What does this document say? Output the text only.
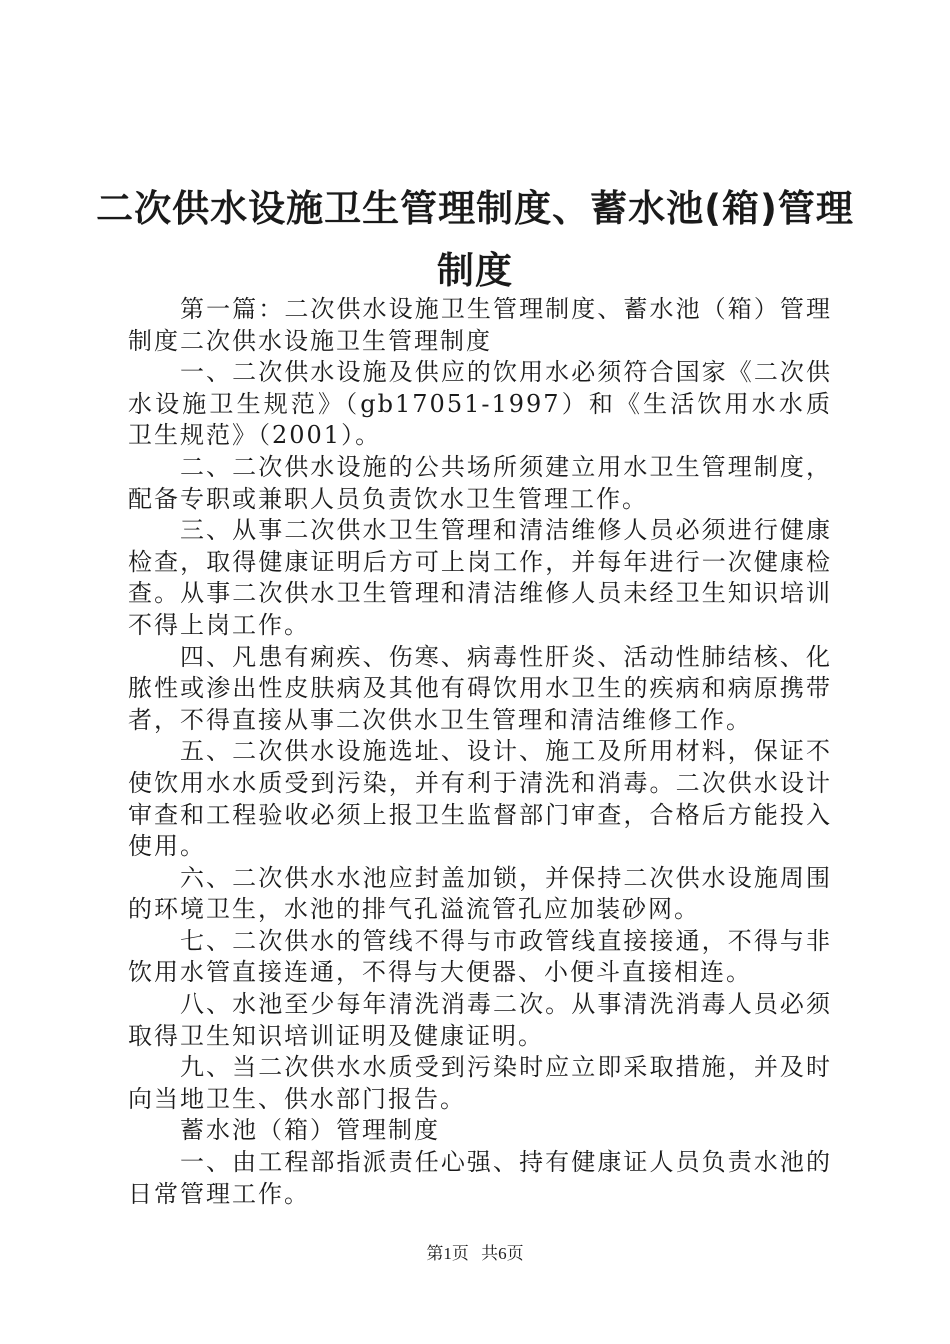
二次供水设施卫生管理制度、蓄水池(箱)管理制度

第一篇：二次供水设施卫生管理制度、蓄水池（箱）管理制度二次供水设施卫生管理制度

一、二次供水设施及供应的饮用水必须符合国家《二次供水设施卫生规范》（gb17051-1997）和《生活饮用水水质卫生规范》（2001）。

二、二次供水设施的公共场所须建立用水卫生管理制度，配备专职或兼职人员负责饮水卫生管理工作。

三、从事二次供水卫生管理和清洁维修人员必须进行健康检查，取得健康证明后方可上岗工作，并每年进行一次健康检查。从事二次供水卫生管理和清洁维修人员未经卫生知识培训不得上岗工作。

四、凡患有痢疾、伤寒、病毒性肝炎、活动性肺结核、化脓性或渗出性皮肤病及其他有碍饮用水卫生的疾病和病原携带者，不得直接从事二次供水卫生管理和清洁维修工作。

五、二次供水设施选址、设计、施工及所用材料，保证不使饮用水水质受到污染，并有利于清洗和消毒。二次供水设计审查和工程验收必须上报卫生监督部门审查，合格后方能投入使用。

六、二次供水水池应封盖加锁，并保持二次供水设施周围的环境卫生，水池的排气孔溢流管孔应加装砂网。

七、二次供水的管线不得与市政管线直接接通，不得与非饮用水管直接连通，不得与大便器、小便斗直接相连。

八、水池至少每年清洗消毒二次。从事清洗消毒人员必须取得卫生知识培训证明及健康证明。

九、当二次供水水质受到污染时应立即采取措施，并及时向当地卫生、供水部门报告。

蓄水池（箱）管理制度

一、由工程部指派责任心强、持有健康证人员负责水池的日常管理工作。

第1页 共6页
